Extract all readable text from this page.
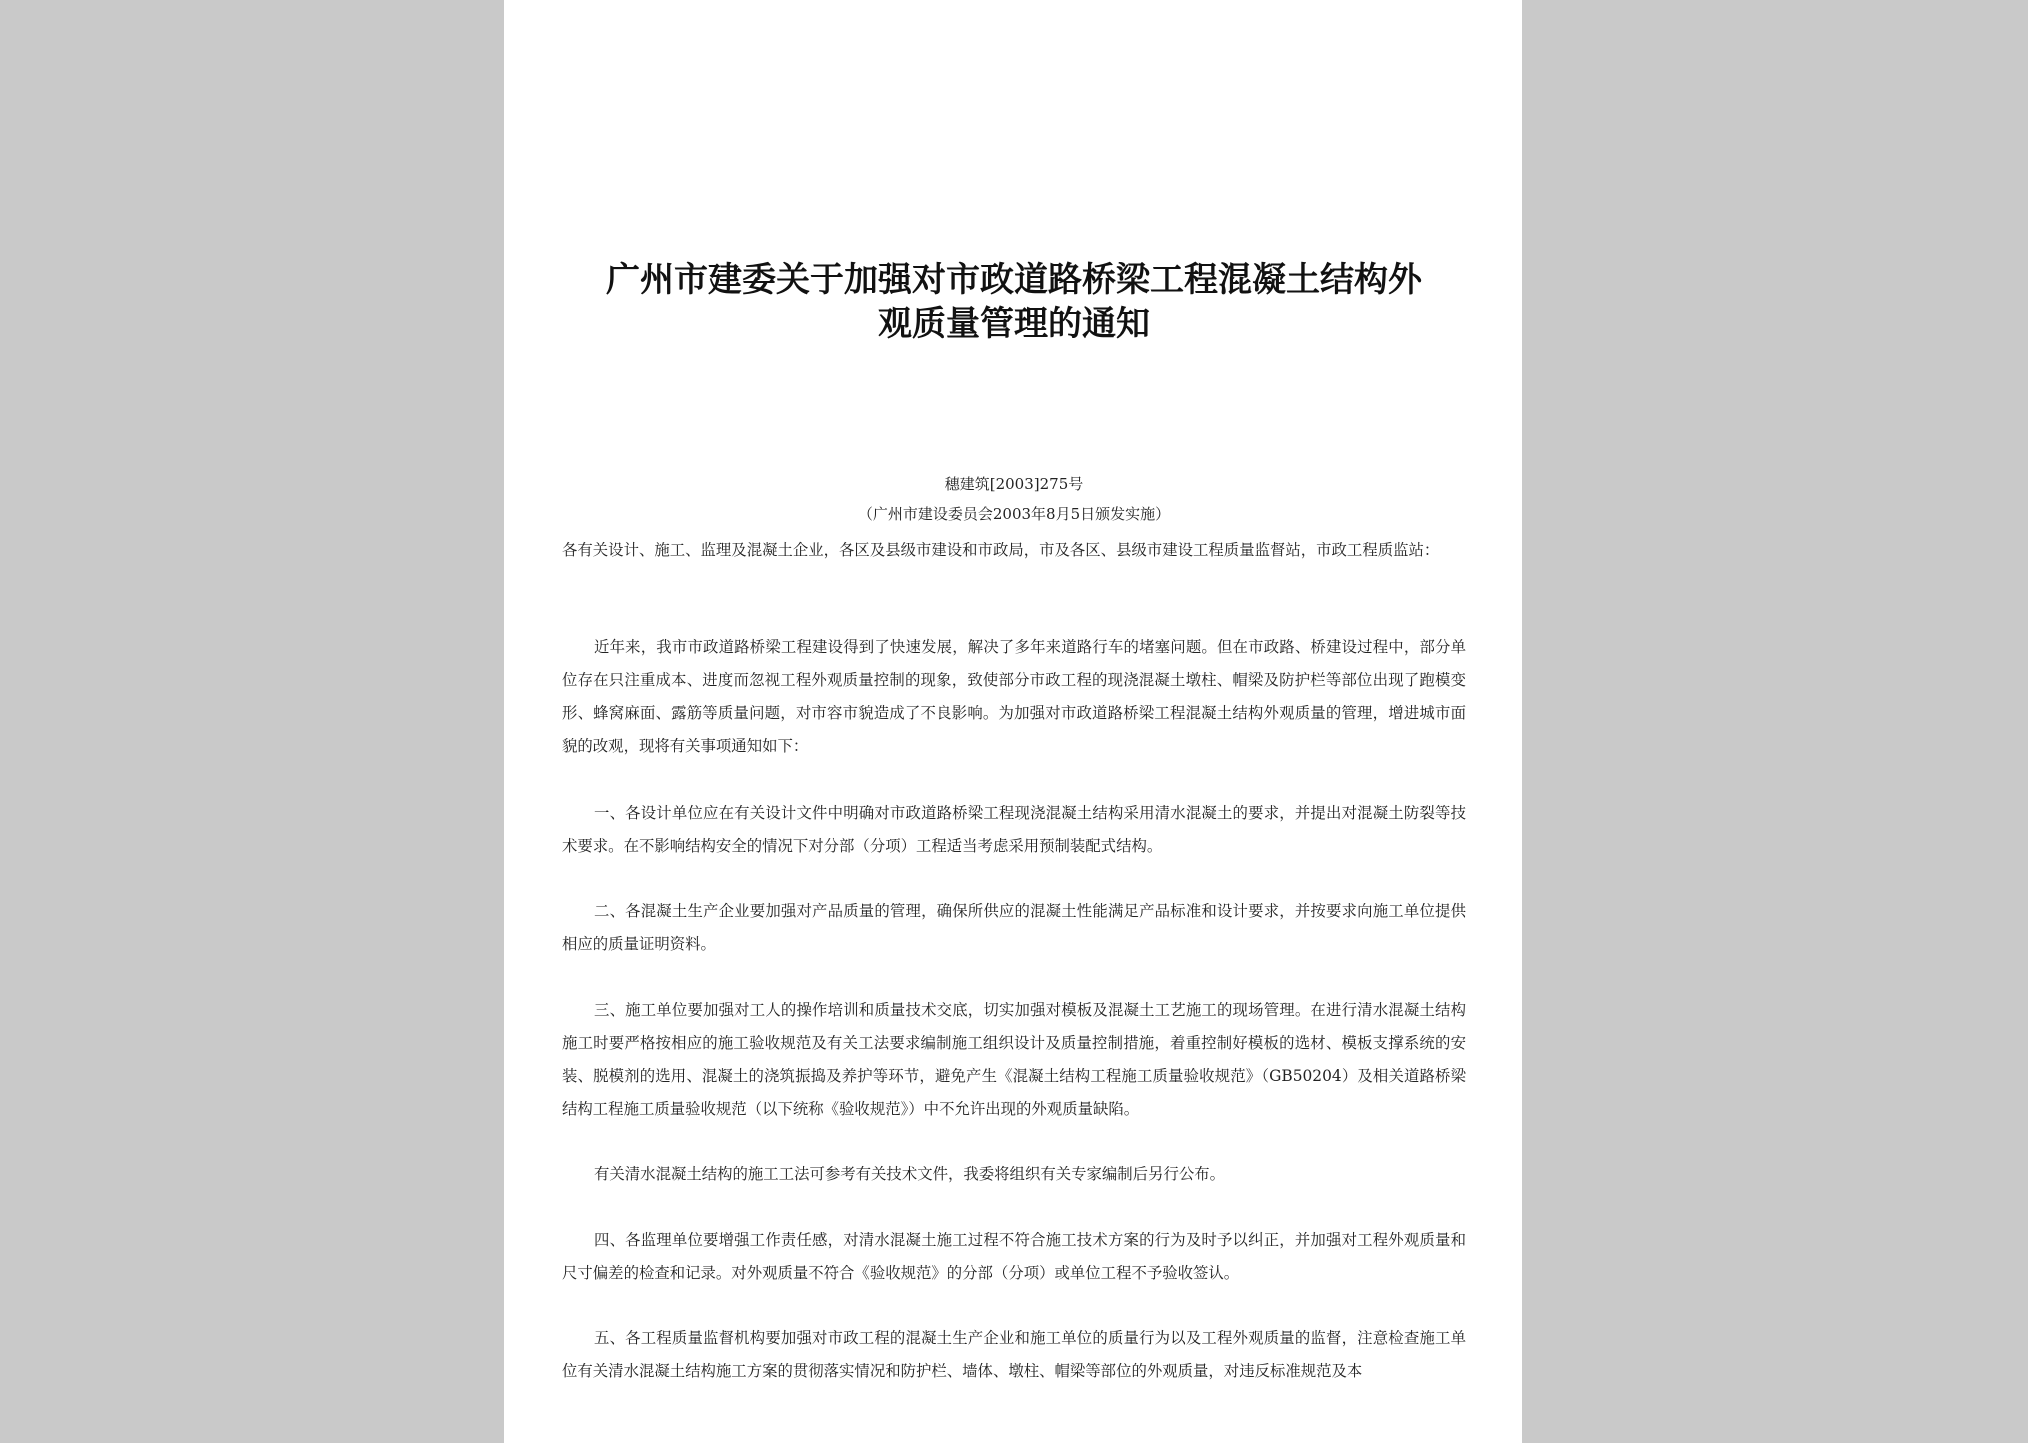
广州市建委关于加强对市政道路桥梁工程混凝土结构外
观质量管理的通知
穗建筑[2003]275号
（广州市建设委员会2003年8月5日颁发实施）

各有关设计、施工、监理及混凝土企业，各区及县级市建设和市政局，市及各区、县级市建设工程质量监督站，市政工程质监站：

近年来，我市市政道路桥梁工程建设得到了快速发展，解决了多年来道路行车的堵塞问题。但在市政路、桥建设过程中，部分单位存在只注重成本、进度而忽视工程外观质量控制的现象，致使部分市政工程的现浇混凝土墩柱、帽梁及防护栏等部位出现了跑模变形、蜂窝麻面、露筋等质量问题，对市容市貌造成了不良影响。为加强对市政道路桥梁工程混凝土结构外观质量的管理，增进城市面貌的改观，现将有关事项通知如下：

一、各设计单位应在有关设计文件中明确对市政道路桥梁工程现浇混凝土结构采用清水混凝土的要求，并提出对混凝土防裂等技术要求。在不影响结构安全的情况下对分部（分项）工程适当考虑采用预制装配式结构。

二、各混凝土生产企业要加强对产品质量的管理，确保所供应的混凝土性能满足产品标准和设计要求，并按要求向施工单位提供相应的质量证明资料。

三、施工单位要加强对工人的操作培训和质量技术交底，切实加强对模板及混凝土工艺施工的现场管理。在进行清水混凝土结构施工时要严格按相应的施工验收规范及有关工法要求编制施工组织设计及质量控制措施，着重控制好模板的选材、模板支撑系统的安装、脱模剂的选用、混凝土的浇筑振捣及养护等环节，避免产生《混凝土结构工程施工质量验收规范》（GB50204）及相关道路桥梁结构工程施工质量验收规范（以下统称《验收规范》）中不允许出现的外观质量缺陷。

有关清水混凝土结构的施工工法可参考有关技术文件，我委将组织有关专家编制后另行公布。

四、各监理单位要增强工作责任感，对清水混凝土施工过程不符合施工技术方案的行为及时予以纠正，并加强对工程外观质量和尺寸偏差的检查和记录。对外观质量不符合《验收规范》的分部（分项）或单位工程不予验收签认。

五、各工程质量监督机构要加强对市政工程的混凝土生产企业和施工单位的质量行为以及工程外观质量的监督，注意检查施工单位有关清水混凝土结构施工方案的贯彻落实情况和防护栏、墙体、墩柱、帽梁等部位的外观质量，对违反标准规范及本
